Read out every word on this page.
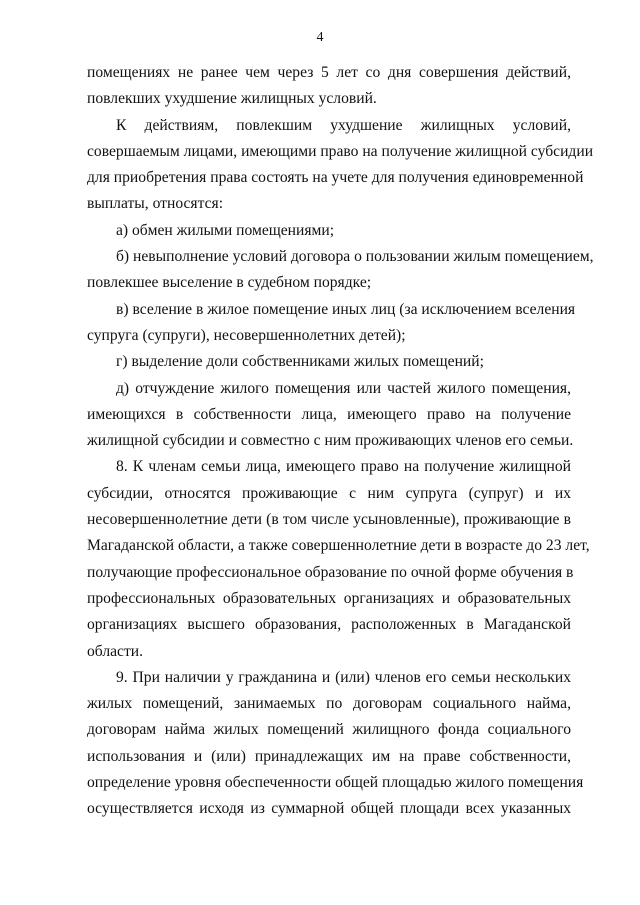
4

помещениях не ранее чем через 5 лет со дня совершения действий,
повлекших ухудшение жилищных условий.

К действиям, повлекшим ухудшение жилищных условий,
совершаемым лицами, имеющими право на получение жилищной субсидии
для приобретения права состоять на учете для получения единовременной
выплаты, относятся:

а) обмен жилыми помещениями;

б) невыполнение условий договора о пользовании жилым помещением,
повлекшее выселение в судебном порядке;

в) вселение в жилое помещение иных лиц (за исключением вселения
супруга (супруги), несовершеннолетних детей);

г) выделение доли собственниками жилых помещений;

д) отчуждение жилого помещения или частей жилого помещения,
имеющихся в собственности лица, имеющего право на получение
жилищной субсидии и совместно с ним проживающих членов его семьи.

8. К членам семьи лица, имеющего право на получение жилищной
субсидии, относятся проживающие с ним супруга (супруг) и их
несовершеннолетние дети (в том числе усыновленные), проживающие в
Магаданской области, а также совершеннолетние дети в возрасте до 23 лет,
получающие профессиональное образование по очной форме обучения в
профессиональных образовательных организациях и образовательных
организациях высшего образования, расположенных в Магаданской
области.

9. При наличии у гражданина и (или) членов его семьи нескольких
жилых помещений, занимаемых по договорам социального найма,
договорам найма жилых помещений жилищного фонда социального
использования и (или) принадлежащих им на праве собственности,
определение уровня обеспеченности общей площадью жилого помещения
осуществляется исходя из суммарной общей площади всех указанных
